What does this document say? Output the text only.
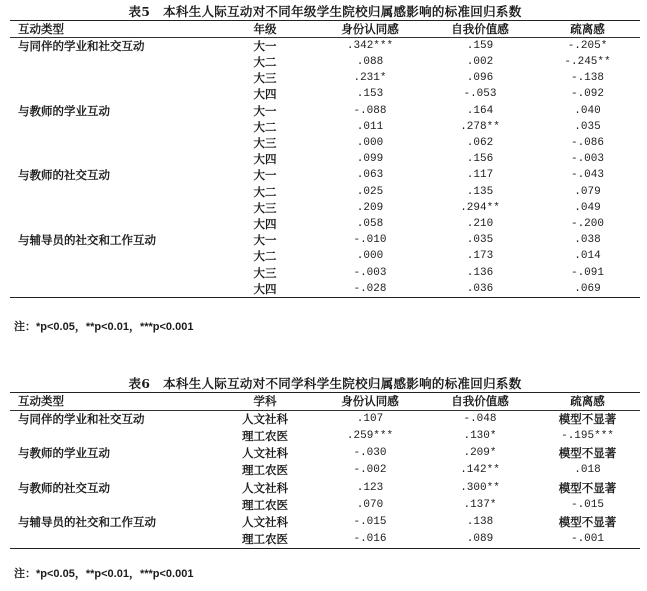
表5　本科生人际互动对不同年级学生院校归属感影响的标准回归系数
互动类型	年级	身份认同感	自我价值感	疏离感
与同伴的学业和社交互动	大一	.342***	.159	-.205*
	大二	.088	.002	-.245**
	大三	.231*	.096	-.138
	大四	.153	-.053	-.092
与教师的学业互动	大一	-.088	.164	.040
	大二	.011	.278**	.035
	大三	.000	.062	-.086
	大四	.099	.156	-.003
与教师的社交互动	大一	.063	.117	-.043
	大二	.025	.135	.079
	大三	.209	.294**	.049
	大四	.058	.210	-.200
与辅导员的社交和工作互动	大一	-.010	.035	.038
	大二	.000	.173	.014
	大三	-.003	.136	-.091
	大四	-.028	.036	.069
注：*p<0.05，**p<0.01，***p<0.001
表6　本科生人际互动对不同学科学生院校归属感影响的标准回归系数
互动类型	学科	身份认同感	自我价值感	疏离感
与同伴的学业和社交互动	人文社科	.107	-.048	模型不显著
	理工农医	.259***	.130*	-.195***
与教师的学业互动	人文社科	-.030	.209*	模型不显著
	理工农医	-.002	.142**	.018
与教师的社交互动	人文社科	.123	.300**	模型不显著
	理工农医	.070	.137*	-.015
与辅导员的社交和工作互动	人文社科	-.015	.138	模型不显著
	理工农医	-.016	.089	-.001
注：*p<0.05，**p<0.01，***p<0.001
